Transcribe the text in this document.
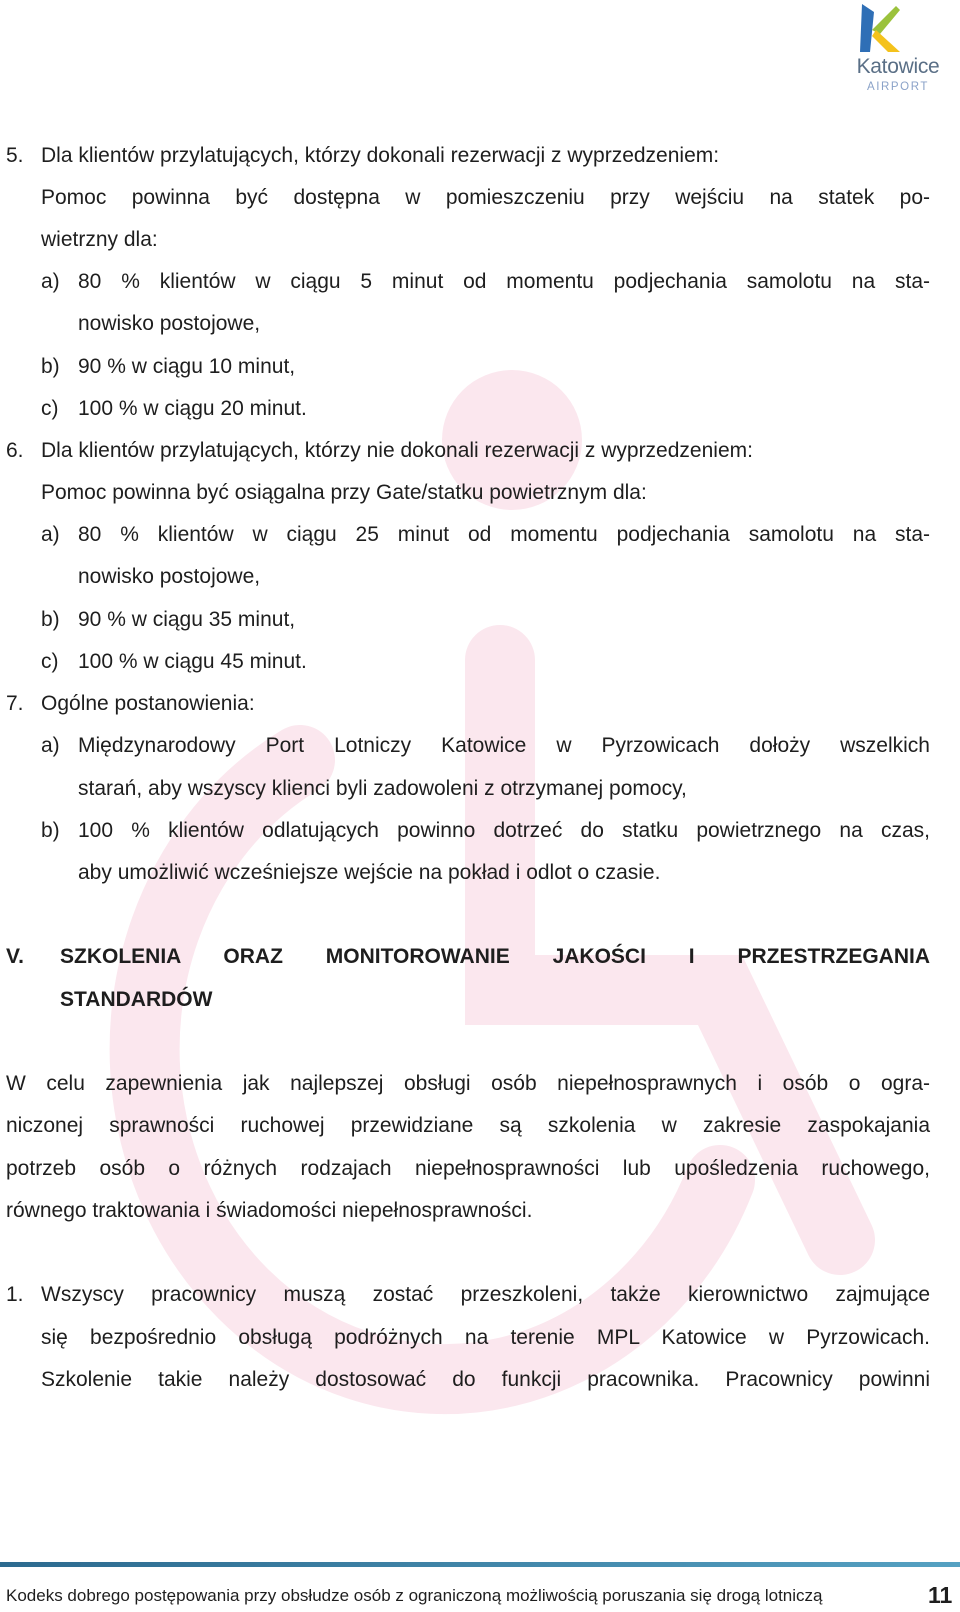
Katowice
AIRPORT
5. Dla klientów przylatujących, którzy dokonali rezerwacji z wyprzedzeniem:
Pomoc powinna być dostępna w pomieszczeniu przy wejściu na statek po-
wietrzny dla:
a) 80 % klientów w ciągu 5 minut od momentu podjechania samolotu na sta-
nowisko postojowe,
b) 90 % w ciągu 10 minut,
c) 100 % w ciągu 20 minut.
6. Dla klientów przylatujących, którzy nie dokonali rezerwacji z wyprzedzeniem:
Pomoc powinna być osiągalna przy Gate/statku powietrznym dla:
a) 80 % klientów w ciągu 25 minut od momentu podjechania samolotu na sta-
nowisko postojowe,
b) 90 % w ciągu 35 minut,
c) 100 % w ciągu 45 minut.
7. Ogólne postanowienia:
a) Międzynarodowy Port Lotniczy Katowice w Pyrzowicach dołoży wszelkich
starań, aby wszyscy klienci byli zadowoleni z otrzymanej pomocy,
b) 100 % klientów odlatujących powinno dotrzeć do statku powietrznego na czas,
aby umożliwić wcześniejsze wejście na pokład i odlot o czasie.
V. SZKOLENIA ORAZ MONITOROWANIE JAKOŚCI I PRZESTRZEGANIA
STANDARDÓW
W celu zapewnienia jak najlepszej obsługi osób niepełnosprawnych i osób o ogra-
niczonej sprawności ruchowej przewidziane są szkolenia w zakresie zaspokajania
potrzeb osób o różnych rodzajach niepełnosprawności lub upośledzenia ruchowego,
równego traktowania i świadomości niepełnosprawności.
1. Wszyscy pracownicy muszą zostać przeszkoleni, także kierownictwo zajmujące
się bezpośrednio obsługą podróżnych na terenie MPL Katowice w Pyrzowicach.
Szkolenie takie należy dostosować do funkcji pracownika. Pracownicy powinni
Kodeks dobrego postępowania przy obsłudze osób z ograniczoną możliwością poruszania się drogą lotniczą	11
